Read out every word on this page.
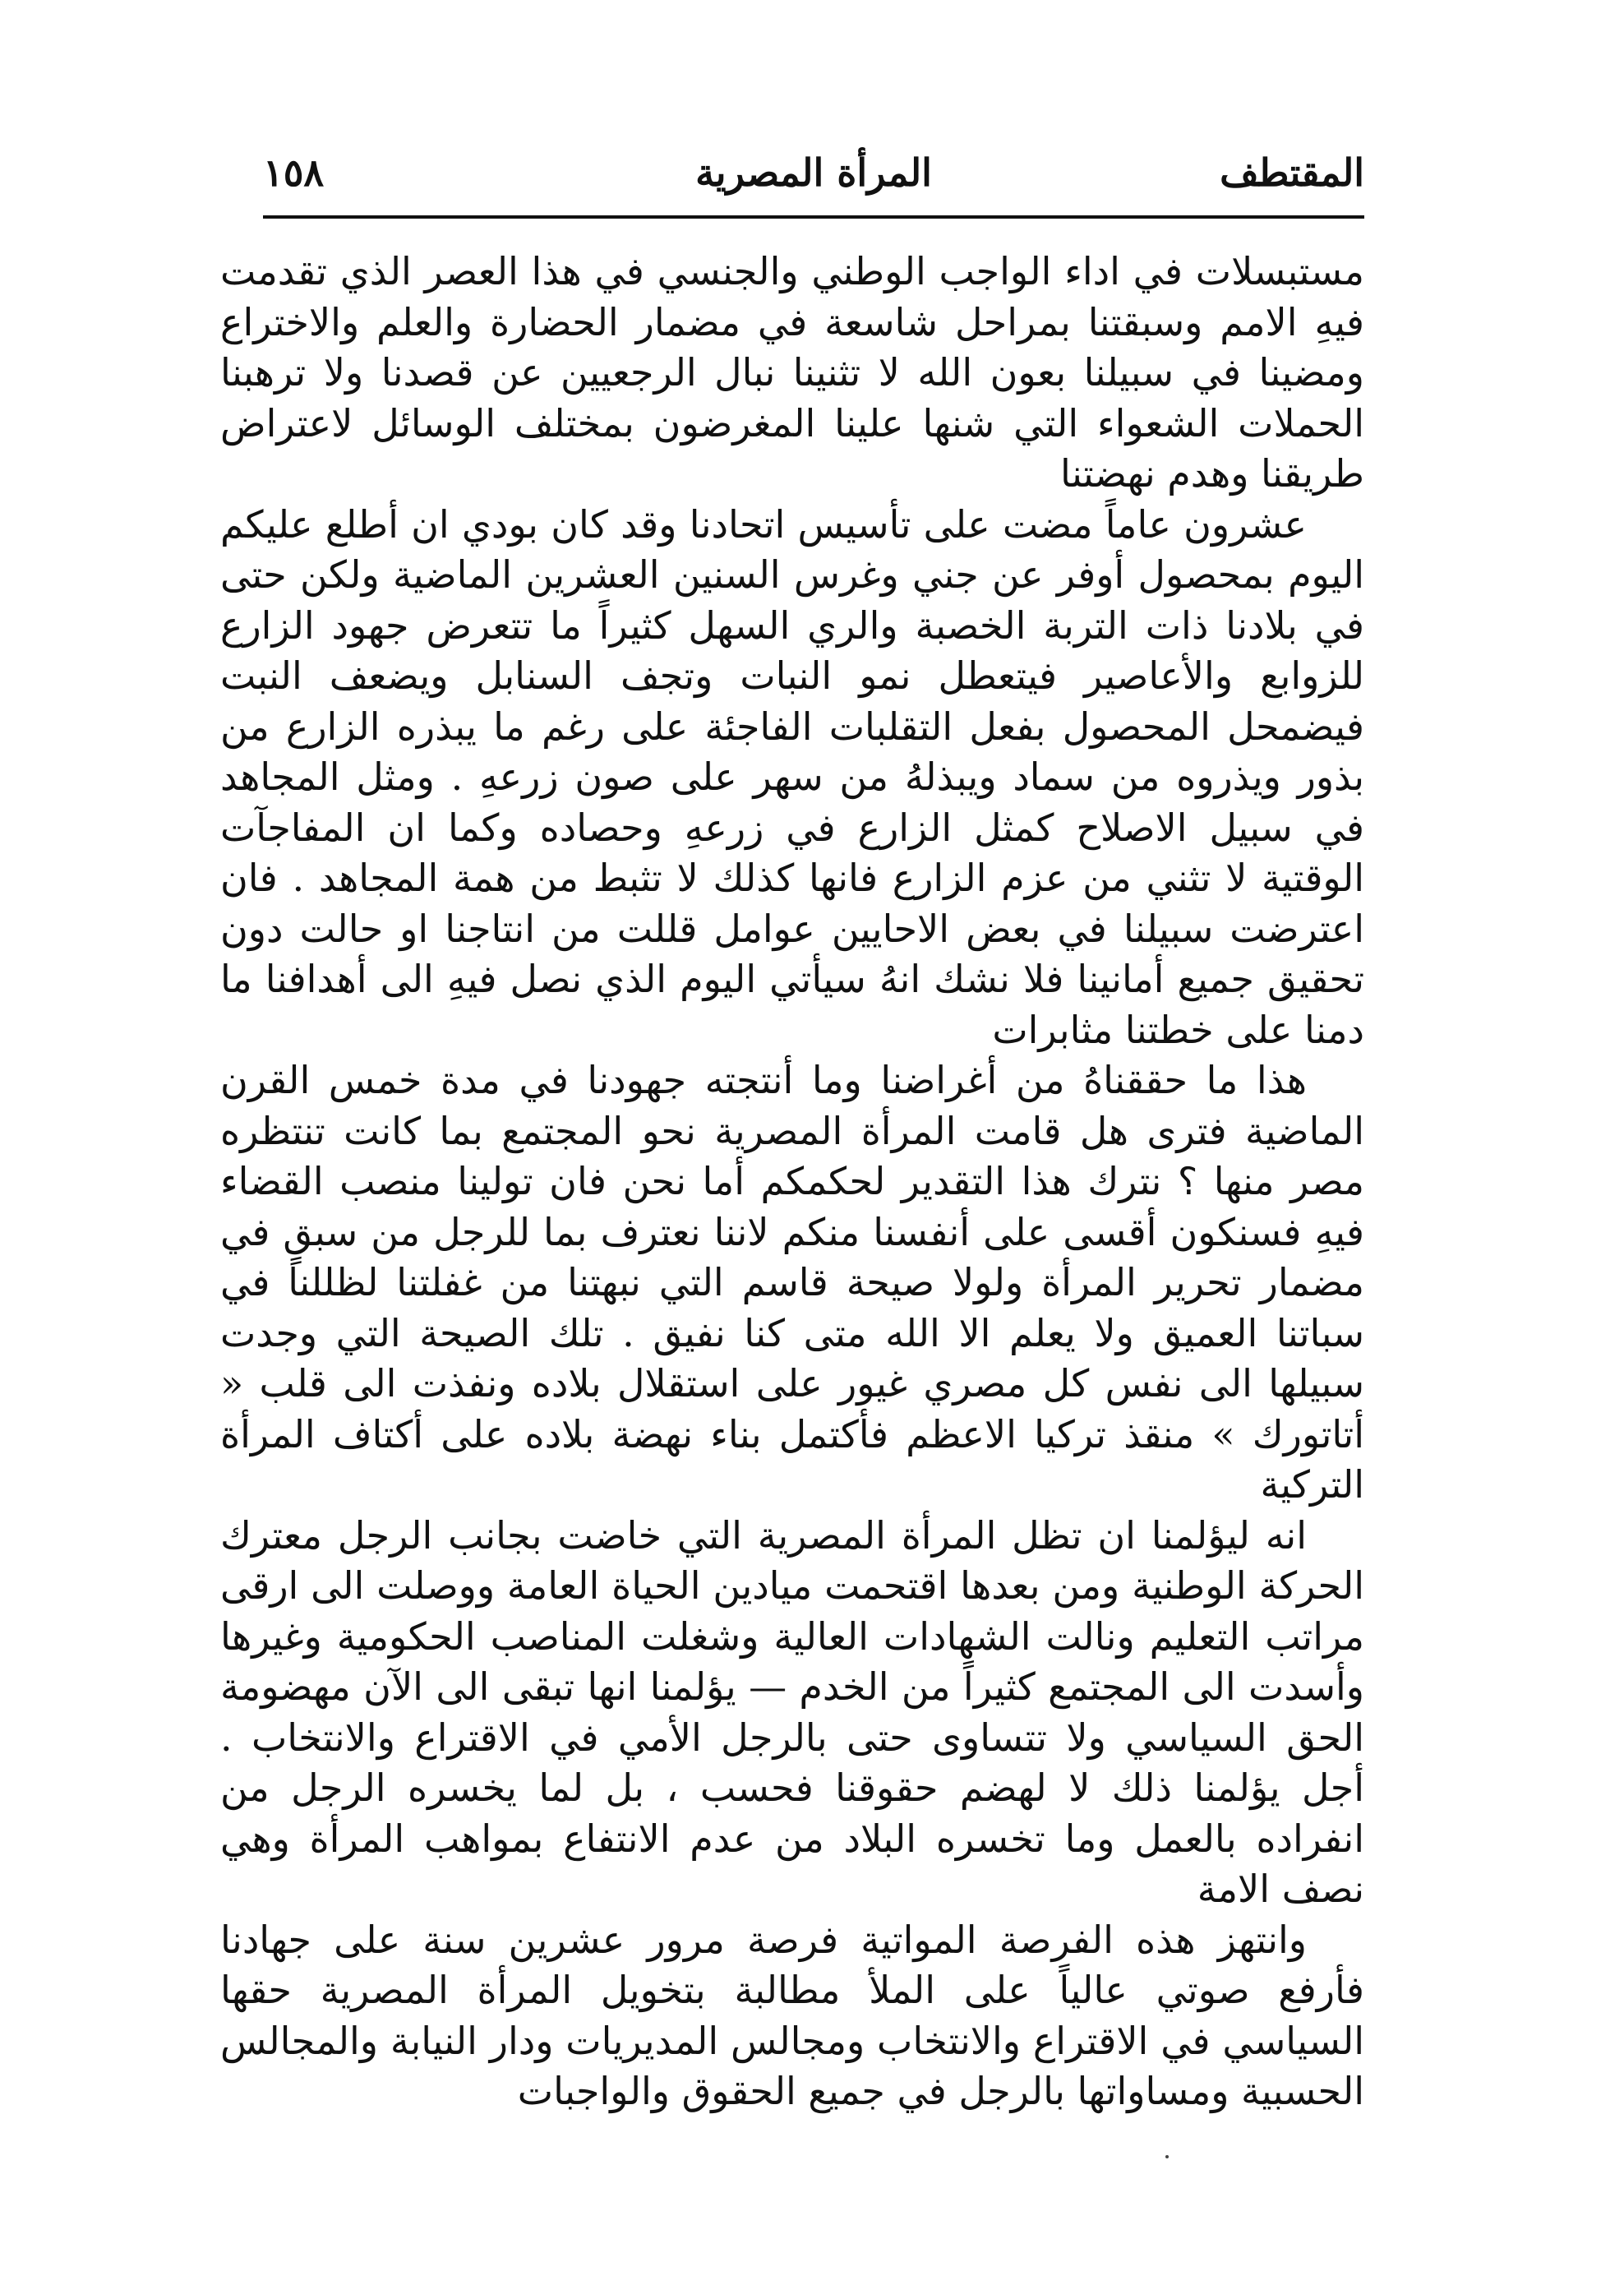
المقتطف
المرأة المصرية
١٥٨

مستبسلات في اداء الواجب الوطني والجنسي في هذا العصر الذي تقدمت فيهِ الامم وسبقتنا بمراحل شاسعة في مضمار الحضارة والعلم والاختراع ومضينا في سبيلنا بعون الله لا تثنينا نبال الرجعيين عن قصدنا ولا ترهبنا الحملات الشعواء التي شنها علينا المغرضون بمختلف الوسائل لاعتراض طريقنا وهدم نهضتنا

عشرون عاماً مضت على تأسيس اتحادنا وقد كان بودي ان أطلع عليكم اليوم بمحصول أوفر عن جني وغرس السنين العشرين الماضية ولكن حتى في بلادنا ذات التربة الخصبة والري السهل كثيراً ما تتعرض جهود الزارع للزوابع والأعاصير فيتعطل نمو النبات وتجف السنابل ويضعف النبت فيضمحل المحصول بفعل التقلبات الفاجئة على رغم ما يبذره الزارع من بذور ويذروه من سماد ويبذلهُ من سهر على صون زرعهِ . ومثل المجاهد في سبيل الاصلاح كمثل الزارع في زرعهِ وحصاده وكما ان المفاجآت الوقتية لا تثني من عزم الزارع فانها كذلك لا تثبط من همة المجاهد . فان اعترضت سبيلنا في بعض الاحايين عوامل قللت من انتاجنا او حالت دون تحقيق جميع أمانينا فلا نشك انهُ سيأتي اليوم الذي نصل فيهِ الى أهدافنا ما دمنا على خطتنا مثابرات

هذا ما حققناهُ من أغراضنا وما أنتجته جهودنا في مدة خمس القرن الماضية فترى هل قامت المرأة المصرية نحو المجتمع بما كانت تنتظره مصر منها ؟ نترك هذا التقدير لحكمكم أما نحن فان تولينا منصب القضاء فيهِ فسنكون أقسى على أنفسنا منكم لاننا نعترف بما للرجل من سبقٍ في مضمار تحرير المرأة ولولا صيحة قاسم التي نبهتنا من غفلتنا لظللنا في سباتنا العميق ولا يعلم الا الله متى كنا نفيق . تلك الصيحة التي وجدت سبيلها الى نفس كل مصري غيور على استقلال بلاده ونفذت الى قلب « أتاتورك » منقذ تركيا الاعظم فأكتمل بناء نهضة بلاده على أكتاف المرأة التركية

انه ليؤلمنا ان تظل المرأة المصرية التي خاضت بجانب الرجل معترك الحركة الوطنية ومن بعدها اقتحمت ميادين الحياة العامة ووصلت الى ارقى مراتب التعليم ونالت الشهادات العالية وشغلت المناصب الحكومية وغيرها وأسدت الى المجتمع كثيراً من الخدم — يؤلمنا انها تبقى الى الآن مهضومة الحق السياسي ولا تتساوى حتى بالرجل الأمي في الاقتراع والانتخاب . أجل يؤلمنا ذلك لا لهضم حقوقنا فحسب ، بل لما يخسره الرجل من انفراده بالعمل وما تخسره البلاد من عدم الانتفاع بمواهب المرأة وهي نصف الامة

وانتهز هذه الفرصة المواتية فرصة مرور عشرين سنة على جهادنا فأرفع صوتي عالياً على الملأ مطالبة بتخويل المرأة المصرية حقها السياسي في الاقتراع والانتخاب ومجالس المديريات ودار النيابة والمجالس الحسبية ومساواتها بالرجل في جميع الحقوق والواجبات
